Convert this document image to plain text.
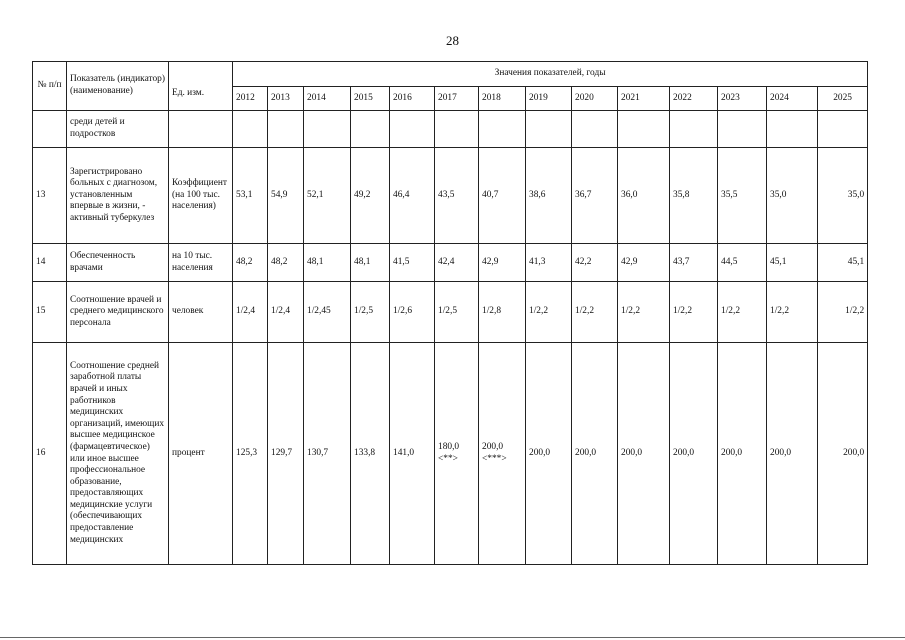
28
№ п/п	Показатель (индикатор) (наименование)	Ед. изм.	Значения показателей, годы													
			2012	2013	2014	2015	2016	2017	2018	2019	2020	2021	2022	2023	2024	2025
	среди детей и подростков															
13	Зарегистрировано больных с диагнозом, установленным впервые в жизни, - активный туберкулез	Коэффициент (на 100 тыс. населения)	53,1	54,9	52,1	49,2	46,4	43,5	40,7	38,6	36,7	36,0	35,8	35,5	35,0	35,0
14	Обеспеченность врачами	на 10 тыс. населения	48,2	48,2	48,1	48,1	41,5	42,4	42,9	41,3	42,2	42,9	43,7	44,5	45,1	45,1
15	Соотношение врачей и среднего медицинского персонала	человек	1/2,4	1/2,4	1/2,45	1/2,5	1/2,6	1/2,5	1/2,8	1/2,2	1/2,2	1/2,2	1/2,2	1/2,2	1/2,2	1/2,2
16	Соотношение средней заработной платы врачей и иных работников медицинских организаций, имеющих высшее медицинское (фармацевтическое) или иное высшее профессиональное образование, предоставляющих медицинские услуги (обеспечивающих предоставление медицинских	процент	125,3	129,7	130,7	133,8	141,0	180,0 <**>	200,0 <***>	200,0	200,0	200,0	200,0	200,0	200,0	200,0
